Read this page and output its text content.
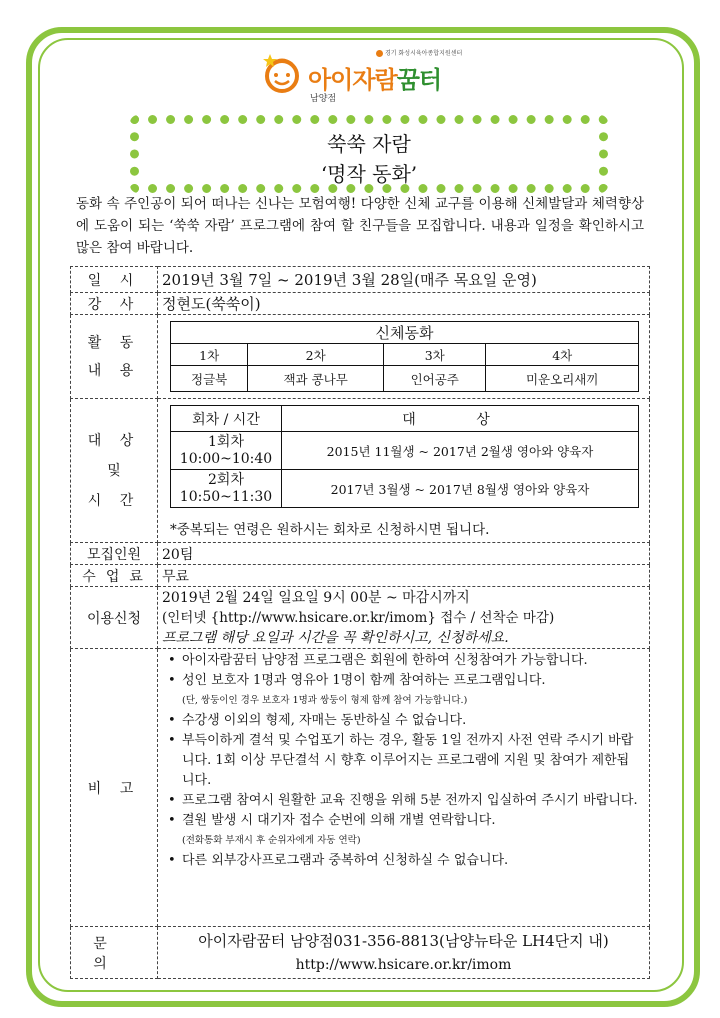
경기 화성시육아종합지원센터
아이자람꿈터
남양점
쑥쑥 자람
‘명작 동화’
동화 속 주인공이 되어 떠나는 신나는 모험여행! 다양한 신체 교구를 이용해 신체발달과 체력향상에 도움이 되는 ‘쑥쑥 자람’ 프로그램에 참여 할 친구들을 모집합니다. 내용과 일정을 확인하시고 많은 참여 바랍니다.
일 시	2019년 3월 7일 ~ 2019년 3월 28일(매주 목요일 운영)
강 사	정현도(쑥쑥이)

활 동
내 용

신체동화
1차	2차	3차	4차
정글북	잭과 콩나무	인어공주	미운오리새끼

대 상
및
시 간

회차 / 시간	대 상

1회차
10:00~10:40	2015년 11월생 ~ 2017년 2월생 영아와 양육자

2회차
10:50~11:30	2017년 3월생 ~ 2017년 8월생 영아와 양육자
*중복되는 연령은 원하시는 회차로 신청하시면 됩니다.

모집인원	20팀
수 업 료	무료
이용신청	
2019년 2월 24일 일요일 9시 00분 ~ 마감시까지
(인터넷 {http://www.hsicare.or.kr/imom} 접수 / 선착순 마감)
프로그램 해당 요일과 시간을 꼭 확인하시고, 신청하세요.

비 고	
• 아이자람꿈터 남양점 프로그램은 회원에 한하여 신청참여가 가능합니다.
• 성인 보호자 1명과 영유아 1명이 함께 참여하는 프로그램입니다.
(단, 쌍둥이인 경우 보호자 1명과 쌍둥이 형제 함께 참여 가능합니다.)
• 수강생 이외의 형제, 자매는 동반하실 수 없습니다.
• 부득이하게 결석 및 수업포기 하는 경우, 활동 1일 전까지 사전 연락 주시기 바랍니다. 1회 이상 무단결석 시 향후 이루어지는 프로그램에 지원 및 참여가 제한됩니다.
• 프로그램 참여시 원활한 교육 진행을 위해 5분 전까지 입실하여 주시기 바랍니다.
• 결원 발생 시 대기자 접수 순번에 의해 개별 연락합니다.
(전화통화 부재시 후 순위자에게 자동 연락)
• 다른 외부강사프로그램과 중복하여 신청하실 수 없습니다.

문 의	
아이자람꿈터 남양점031-356-8813(남양뉴타운 LH4단지 내)
http://www.hsicare.or.kr/imom
